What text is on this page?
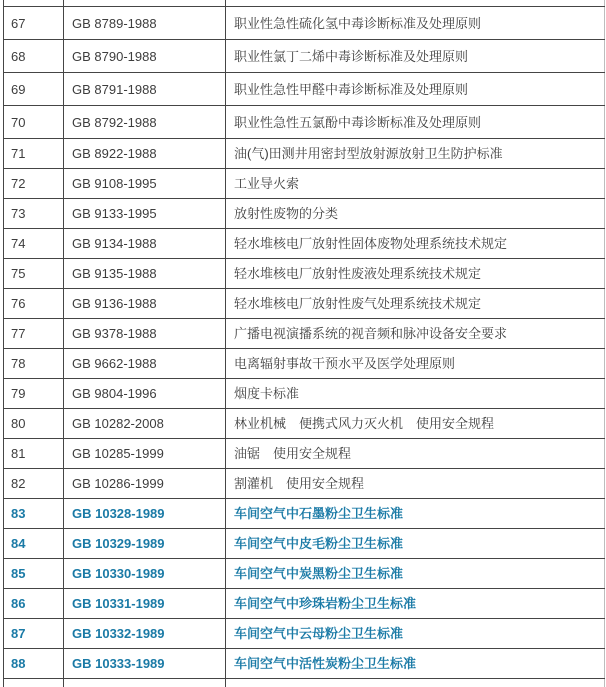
67	GB 8789-1988	职业性急性硫化氢中毒诊断标准及处理原则
68	GB 8790-1988	职业性氯丁二烯中毒诊断标准及处理原则
69	GB 8791-1988	职业性急性甲醛中毒诊断标准及处理原则
70	GB 8792-1988	职业性急性五氯酚中毒诊断标准及处理原则
71	GB 8922-1988	油(气)田测井用密封型放射源放射卫生防护标准
72	GB 9108-1995	工业导火索
73	GB 9133-1995	放射性废物的分类
74	GB 9134-1988	轻水堆核电厂放射性固体废物处理系统技术规定
75	GB 9135-1988	轻水堆核电厂放射性废液处理系统技术规定
76	GB 9136-1988	轻水堆核电厂放射性废气处理系统技术规定
77	GB 9378-1988	广播电视演播系统的视音频和脉冲设备安全要求
78	GB 9662-1988	电离辐射事故干预水平及医学处理原则
79	GB 9804-1996	烟度卡标准
80	GB 10282-2008	林业机械　便携式风力灭火机　使用安全规程
81	GB 10285-1999	油锯　使用安全规程
82	GB 10286-1999	割灌机　使用安全规程
83	GB 10328-1989	车间空气中石墨粉尘卫生标准
84	GB 10329-1989	车间空气中皮毛粉尘卫生标准
85	GB 10330-1989	车间空气中炭黑粉尘卫生标准
86	GB 10331-1989	车间空气中珍珠岩粉尘卫生标准
87	GB 10332-1989	车间空气中云母粉尘卫生标准
88	GB 10333-1989	车间空气中活性炭粉尘卫生标准
